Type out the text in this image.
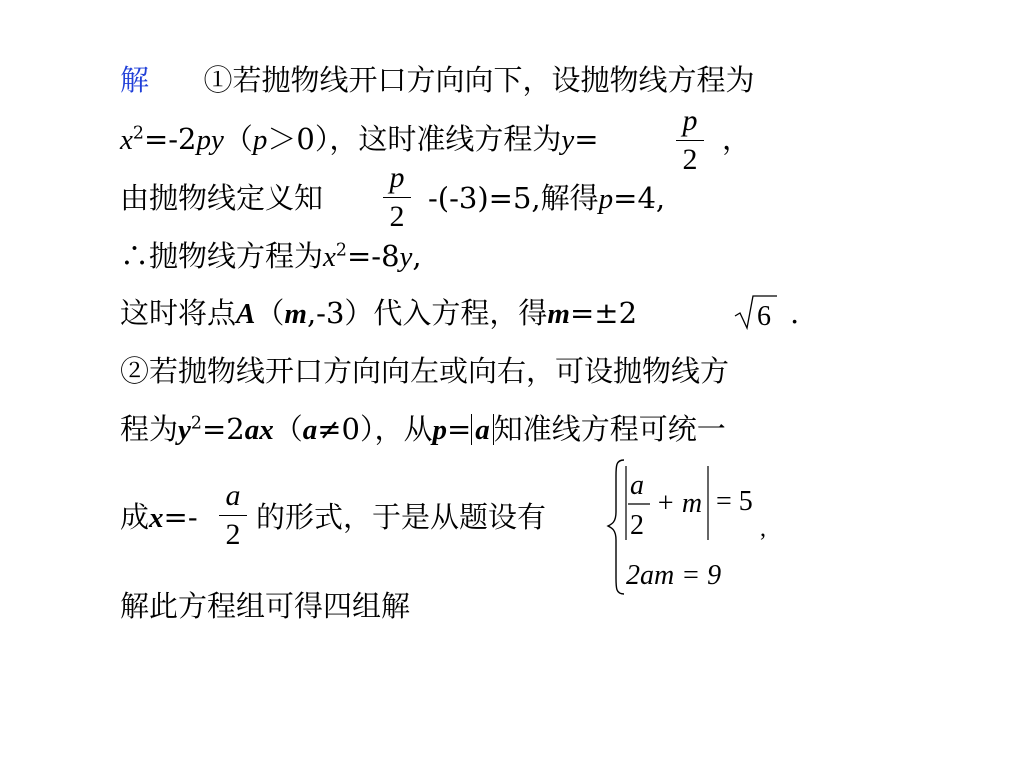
解 ①若抛物线开口方向向下，设抛物线方程为
$x^2=-2py(p>0)$，这时准线方程为y=
p
2
，
由抛物线定义知
p
2
-(-3)=5,解得p=4,
∴抛物线方程为$x^2=-8y$,
这时将点A（m,-3）代入方程，得m=±2	6 .
②若抛物线开口方向向左或向右，可设抛物线方
程为$y^2=2ax(a\ne 0)$，从p= a 知准线方程可统一
成x=-
a
2
的形式，于是从题设有
a
2
+ m = 5
,
2am = 9
解此方程组可得四组解
